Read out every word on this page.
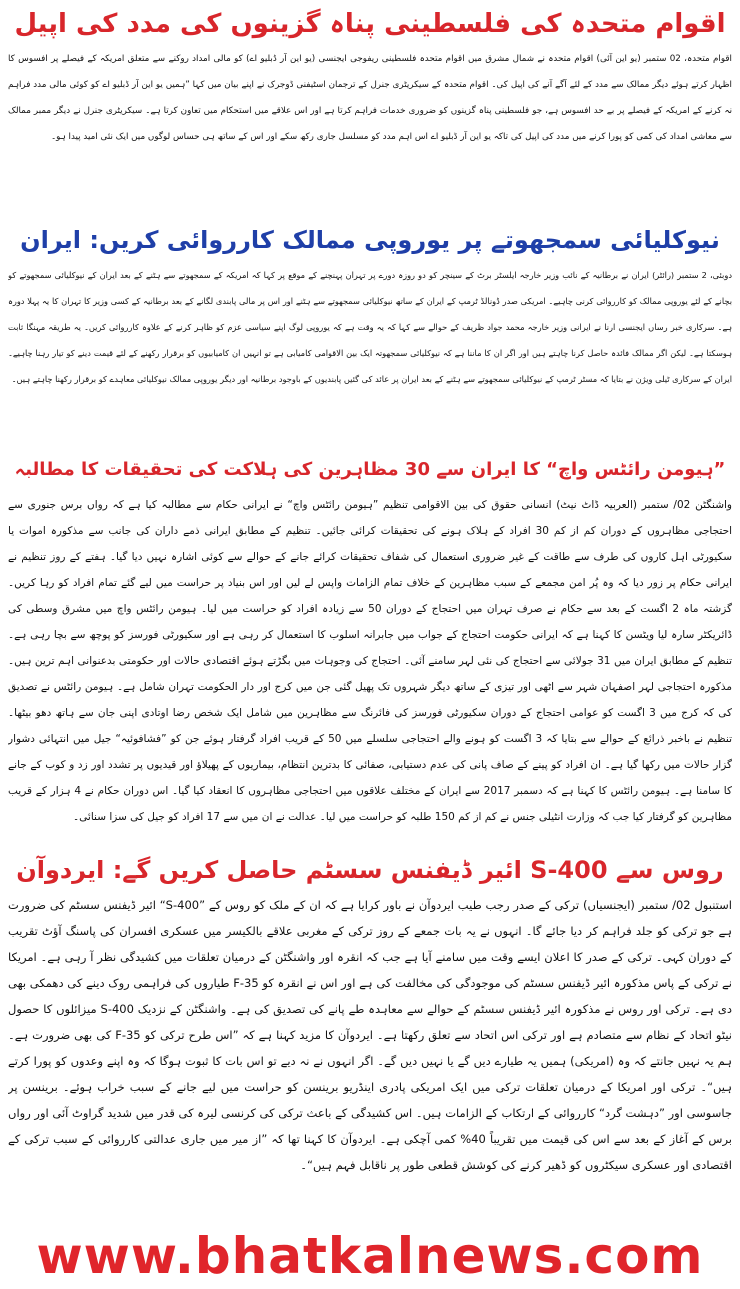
اقوام متحدہ کی فلسطینی پناہ گزینوں کی مدد کی اپیل
اقوام متحدہ، 02 ستمبر (یو این آئی) اقوام متحدہ نے شمال مشرق میں اقوام متحدہ فلسطینی ریفوجی ایجنسی (یو این آر ڈبلیو اے) کو مالی امداد روکنے سے متعلق امریکہ کے فیصلے پر افسوس کا اظہار کرتے ہوئے دیگر ممالک سے مدد کے لئے آگے آنے کی اپیل کی۔ اقوام متحدہ کے سیکریٹری جنرل کے ترجمان اسٹیفنی ڈوجرک نے اپنے بیان میں کہا ”ہمیں یو این آر ڈبلیو اے کو کوئی مالی مدد فراہم نہ کرنے کے امریکہ کے فیصلے پر بے حد افسوس ہے، جو فلسطینی پناہ گزینوں کو ضروری خدمات فراہم کرتا ہے اور اس علاقے میں استحکام میں تعاون کرتا ہے۔ سیکریٹری جنرل نے دیگر ممبر ممالک سے معاشی امداد کی کمی کو پورا کرنے میں مدد کی اپیل کی تاکہ یو این آر ڈبلیو اے اس اہم مدد کو مسلسل جاری رکھ سکے اور اس کے ساتھ ہی حساس لوگوں میں ایک نئی امید پیدا ہو۔
نیوکلیائی سمجھوتے پر یوروپی ممالک کارروائی کریں: ایران
دوبئی، 2 ستمبر (رائٹر) ایران نے برطانیہ کے نائب وزیر خارجہ ایلسٹر برٹ کے سینچر کو دو روزہ دورے پر تہران پہنچنے کے موقع پر کہا کہ امریکہ کے سمجھوتے سے ہٹنے کے بعد ایران کے نیوکلیائی سمجھوتے کو بچانے کے لئے یوروپی ممالک کو کارروائی کرنی چاہیے۔ امریکی صدر ڈونالڈ ٹرمپ کے ایران کے ساتھ نیوکلیائی سمجھوتے سے ہٹنے اور اس پر مالی پابندی لگانے کے بعد برطانیہ کے کسی وزیر کا تہران کا یہ پہلا دورہ ہے۔ سرکاری خبر رساں ایجنسی ارنا نے ایرانی وزیر خارجہ محمد جواد ظریف کے حوالے سے کہا کہ یہ وقت ہے کہ یوروپی لوگ اپنے سیاسی عزم کو ظاہر کرنے کے علاوہ کارروائی کریں۔ یہ طریقہ مہنگا ثابت ہوسکتا ہے۔ لیکن اگر ممالک فائدہ حاصل کرنا چاہتے ہیں اور اگر ان کا ماننا ہے کہ نیوکلیائی سمجھوتہ ایک بین الاقوامی کامیابی ہے تو انہیں ان کامیابیوں کو برقرار رکھنے کے لئے قیمت دینے کو تیار رہنا چاہیے۔ ایران کے سرکاری ٹیلی ویژن نے بتایا کہ مسٹر ٹرمپ کے نیوکلیائی سمجھوتے سے ہٹنے کے بعد ایران پر عائد کی گئیں پابندیوں کے باوجود برطانیہ اور دیگر یوروپی ممالک نیوکلیائی معاہدے کو برقرار رکھنا چاہتے ہیں۔
”ہیومن رائٹس واچ“ کا ایران سے 30 مظاہرین کی ہلاکت کی تحقیقات کا مطالبہ
واشنگٹن 02/ ستمبر (العربیہ ڈاٹ نیٹ) انسانی حقوق کی بین الاقوامی تنظیم ”ہیومن رائٹس واچ“ نے ایرانی حکام سے مطالبہ کیا ہے کہ رواں برس جنوری سے احتجاجی مظاہروں کے دوران کم از کم 30 افراد کے ہلاک ہونے کی تحقیقات کرائی جائیں۔ تنظیم کے مطابق ایرانی ذمے داران کی جانب سے مذکورہ اموات یا سکیورٹی اہل کاروں کی طرف سے طاقت کے غیر ضروری استعمال کی شفاف تحقیقات کرائے جانے کے حوالے سے کوئی اشارہ نہیں دیا گیا۔ ہفتے کے روز تنظیم نے ایرانی حکام پر زور دیا کہ وہ پُر امن مجمعے کے سبب مظاہرین کے خلاف تمام الزامات واپس لے لیں اور اس بنیاد پر حراست میں لیے گئے تمام افراد کو رہا کریں۔ گزشتہ ماہ 2 اگست کے بعد سے حکام نے صرف تہران میں احتجاج کے دوران 50 سے زیادہ افراد کو حراست میں لیا۔ ہیومن رائٹس واچ میں مشرق وسطی کی ڈائریکٹر سارہ لیا ویٹسن کا کہنا ہے کہ ایرانی حکومت احتجاج کے جواب میں جابرانہ اسلوب کا استعمال کر رہی ہے اور سکیورٹی فورسز کو پوچھ سے بچا رہی ہے۔ تنظیم کے مطابق ایران میں 31 جولائی سے احتجاج کی نئی لہر سامنے آئی۔ احتجاج کی وجوہات میں بگڑتے ہوئے اقتصادی حالات اور حکومتی بدعنوانی اہم ترین ہیں۔ مذکورہ احتجاجی لہر اصفہان شہر سے اٹھی اور تیزی کے ساتھ دیگر شہروں تک پھیل گئی جن میں کرج اور دار الحکومت تہران شامل ہے۔ ہیومن رائٹس نے تصدیق کی کہ کرج میں 3 اگست کو عوامی احتجاج کے دوران سکیورٹی فورسز کی فائرنگ سے مظاہرین میں شامل ایک شخص رضا اوتادی اپنی جان سے ہاتھ دھو بیٹھا۔ تنظیم نے باخبر ذرائع کے حوالے سے بتایا کہ 3 اگست کو ہونے والے احتجاجی سلسلے میں 50 کے قریب افراد گرفتار ہوئے جن کو ”فشافوئیہ“ جیل میں انتہائی دشوار گزار حالات میں رکھا گیا ہے۔ ان افراد کو پینے کے صاف پانی کی عدم دستیابی، صفائی کا بدترین انتظام، بیماریوں کے پھیلاؤ اور قیدیوں پر تشدد اور زد و کوب کے جانے کا سامنا ہے۔ ہیومن رائٹس کا کہنا ہے کہ دسمبر 2017 سے ایران کے مختلف علاقوں میں احتجاجی مظاہروں کا انعقاد کیا گیا۔ اس دوران حکام نے 4 ہزار کے قریب مظاہرین کو گرفتار کیا جب کہ وزارت انٹیلی جنس نے کم از کم 150 طلبہ کو حراست میں لیا۔ عدالت نے ان میں سے 17 افراد کو جیل کی سزا سنائی۔
روس سے S-400 ائیر ڈیفنس سسٹم حاصل کریں گے: ایردوآن
استنبول 02/ ستمبر (ایجنسیاں) ترکی کے صدر رجب طیب ایردوآن نے باور کرایا ہے کہ ان کے ملک کو روس کے ”S-400“ ائیر ڈیفنس سسٹم کی ضرورت ہے جو ترکی کو جلد فراہم کر دیا جائے گا۔ انہوں نے یہ بات جمعے کے روز ترکی کے مغربی علاقے بالکیسر میں عسکری افسران کی پاسنگ آؤٹ تقریب کے دوران کہی۔ ترکی کے صدر کا اعلان ایسے وقت میں سامنے آیا ہے جب کہ انقرہ اور واشنگٹن کے درمیان تعلقات میں کشیدگی نظر آ رہی ہے۔ امریکا نے ترکی کے پاس مذکورہ ائیر ڈیفنس سسٹم کی موجودگی کی مخالفت کی ہے اور اس نے انقرہ کو F-35 طیاروں کی فراہمی روک دینے کی دھمکی بھی دی ہے۔ ترکی اور روس نے مذکورہ ائیر ڈیفنس سسٹم کے حوالے سے معاہدہ طے پانے کی تصدیق کی ہے۔ واشنگٹن کے نزدیک S-400 میزائلوں کا حصول نیٹو اتحاد کے نظام سے متصادم ہے اور ترکی اس اتحاد سے تعلق رکھتا ہے۔ ایردوآن کا مزید کہنا ہے کہ ”اس طرح ترکی کو F-35 کی بھی ضرورت ہے۔ ہم یہ نہیں جانتے کہ وہ (امریکی) ہمیں یہ طیارے دیں گے یا نہیں دیں گے۔ اگر انہوں نے نہ دیے تو اس بات کا ثبوت ہوگا کہ وہ اپنے وعدوں کو پورا کرتے ہیں“۔ ترکی اور امریکا کے درمیان تعلقات ترکی میں ایک امریکی پادری اینڈریو برینسن کو حراست میں لیے جانے کے سبب خراب ہوئے۔ برینسن پر جاسوسی اور ”دہشت گرد“ کارروائی کے ارتکاب کے الزامات ہیں۔ اس کشیدگی کے باعث ترکی کی کرنسی لیرہ کی قدر میں شدید گراوٹ آئی اور رواں برس کے آغاز کے بعد سے اس کی قیمت میں تقریباً 40% کمی آچکی ہے۔ ایردوآن کا کہنا تھا کہ ”از میر میں جاری عدالتی کارروائی کے سبب ترکی کے اقتصادی اور عسکری سیکٹروں کو ڈھیر کرنے کی کوشش قطعی طور پر ناقابل فہم ہیں“۔
www.bhatkalnews.com
